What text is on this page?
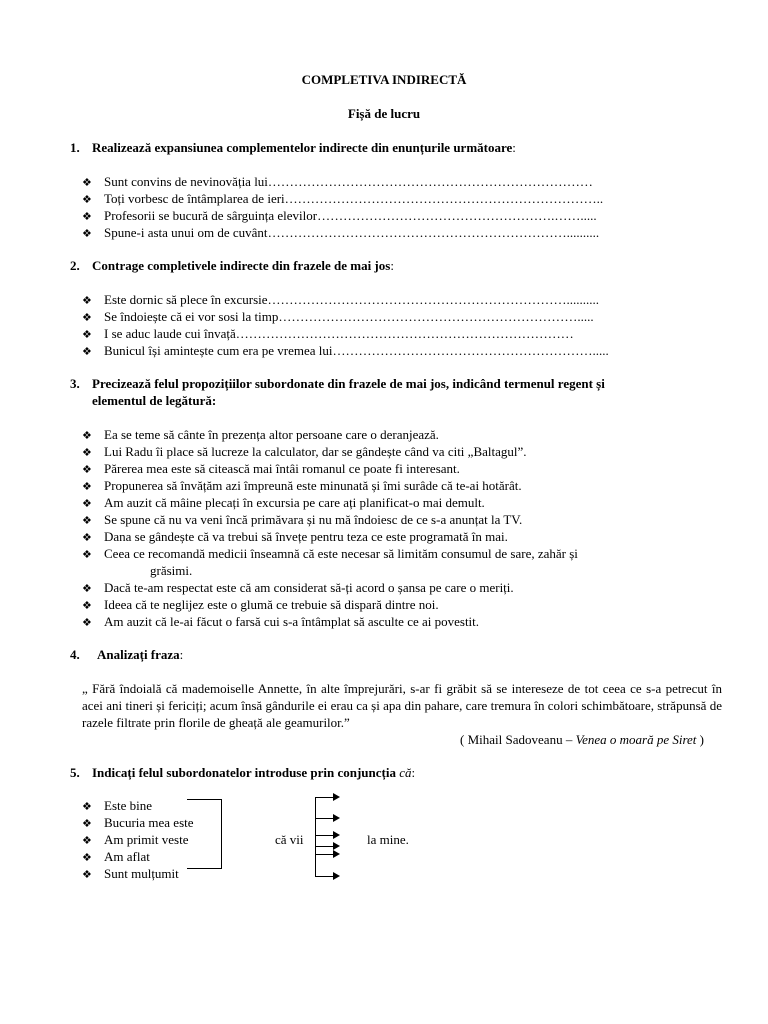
COMPLETIVA INDIRECTĂ
Fișă de lucru
1. Realizează expansiunea complementelor indirecte din enunțurile următoare:
❖ Sunt convins de nevinovăția lui…………………………………………………………………
❖ Toți vorbesc de întâmplarea de ieri………………………………………………………………..
❖ Profesorii se bucură de sârguința elevilor……………………………………………….…….....
❖ Spune-i asta unui om de cuvânt……………………………………………………………..........
2. Contrage completivele indirecte din frazele de mai jos:
❖ Este dornic să plece în excursie……………………………………………………………..........
❖ Se îndoiește că ei vor sosi la timp…………………………………………………………….....
❖ I se aduc laude cui învață……………………………………………………………………
❖ Bunicul își amintește cum era pe vremea lui…………………………………………………….....
3. Precizează felul propozițiilor subordonate din frazele de mai jos, indicând termenul regent și
elementul de legătură:
❖ Ea se teme să cânte în prezența altor persoane care o deranjează.
❖ Lui Radu îi place să lucreze la calculator, dar se gândește când va citi „Baltagul”.
❖ Părerea mea este să citească mai întâi romanul ce poate fi interesant.
❖ Propunerea să învățăm azi împreună este minunată și îmi surâde că te-ai hotărât.
❖ Am auzit că mâine plecați în excursia pe care ați planificat-o mai demult.
❖ Se spune că nu va veni încă primăvara și nu mă îndoiesc de ce s-a anunțat la TV.
❖ Dana se gândește că va trebui să învețe pentru teza ce este programată în mai.
❖ Ceea ce recomandă medicii înseamnă că este necesar să limităm consumul de sare, zahăr și
grăsimi.
❖ Dacă te-am respectat este că am considerat să-ți acord o șansa pe care o meriți.
❖ Ideea că te neglijez este o glumă ce trebuie să dispară dintre noi.
❖ Am auzit că le-ai făcut o farsă cui s-a întâmplat să asculte ce ai povestit.
4. Analizați fraza:
„ Fără îndoială că mademoiselle Annette, în alte împrejurări, s-ar fi grăbit să se intereseze de tot ceea ce s-a petrecut în acei ani tineri și fericiți; acum însă gândurile ei erau ca și apa din pahare, care tremura în colori schimbătoare, străpunsă de razele filtrate prin florile de gheață ale geamurilor.”
( Mihail Sadoveanu – Venea o moară pe Siret )
5. Indicați felul subordonatelor introduse prin conjuncția că:
❖ Este bine
❖ Bucuria mea este
❖ Am primit veste
❖ Am aflat
❖ Sunt mulțumit
că vii	la mine.
